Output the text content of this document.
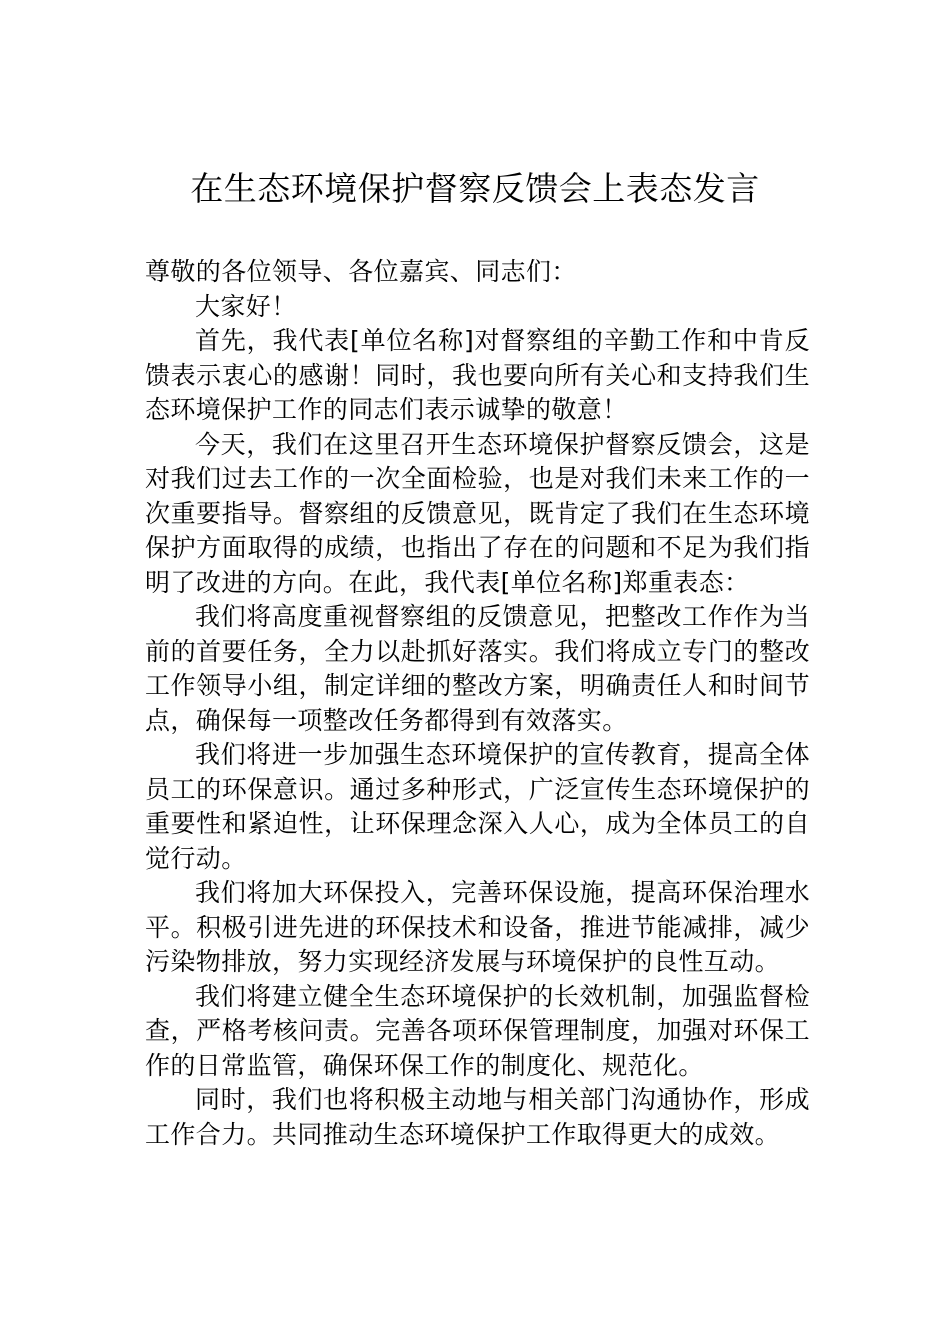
在生态环境保护督察反馈会上表态发言

尊敬的各位领导、各位嘉宾、同志们：

大家好！

首先，我代表[单位名称]对督察组的辛勤工作和中肯反馈表示衷心的感谢！同时，我也要向所有关心和支持我们生态环境保护工作的同志们表示诚挚的敬意！

今天，我们在这里召开生态环境保护督察反馈会，这是对我们过去工作的一次全面检验，也是对我们未来工作的一次重要指导。督察组的反馈意见，既肯定了我们在生态环境保护方面取得的成绩，也指出了存在的问题和不足为我们指明了改进的方向。在此，我代表[单位名称]郑重表态：

我们将高度重视督察组的反馈意见，把整改工作作为当前的首要任务，全力以赴抓好落实。我们将成立专门的整改工作领导小组，制定详细的整改方案，明确责任人和时间节点，确保每一项整改任务都得到有效落实。

我们将进一步加强生态环境保护的宣传教育，提高全体员工的环保意识。通过多种形式，广泛宣传生态环境保护的重要性和紧迫性，让环保理念深入人心，成为全体员工的自觉行动。

我们将加大环保投入，完善环保设施，提高环保治理水平。积极引进先进的环保技术和设备，推进节能减排，减少污染物排放，努力实现经济发展与环境保护的良性互动。

我们将建立健全生态环境保护的长效机制，加强监督检查，严格考核问责。完善各项环保管理制度，加强对环保工作的日常监管，确保环保工作的制度化、规范化。

同时，我们也将积极主动地与相关部门沟通协作，形成工作合力。共同推动生态环境保护工作取得更大的成效。
